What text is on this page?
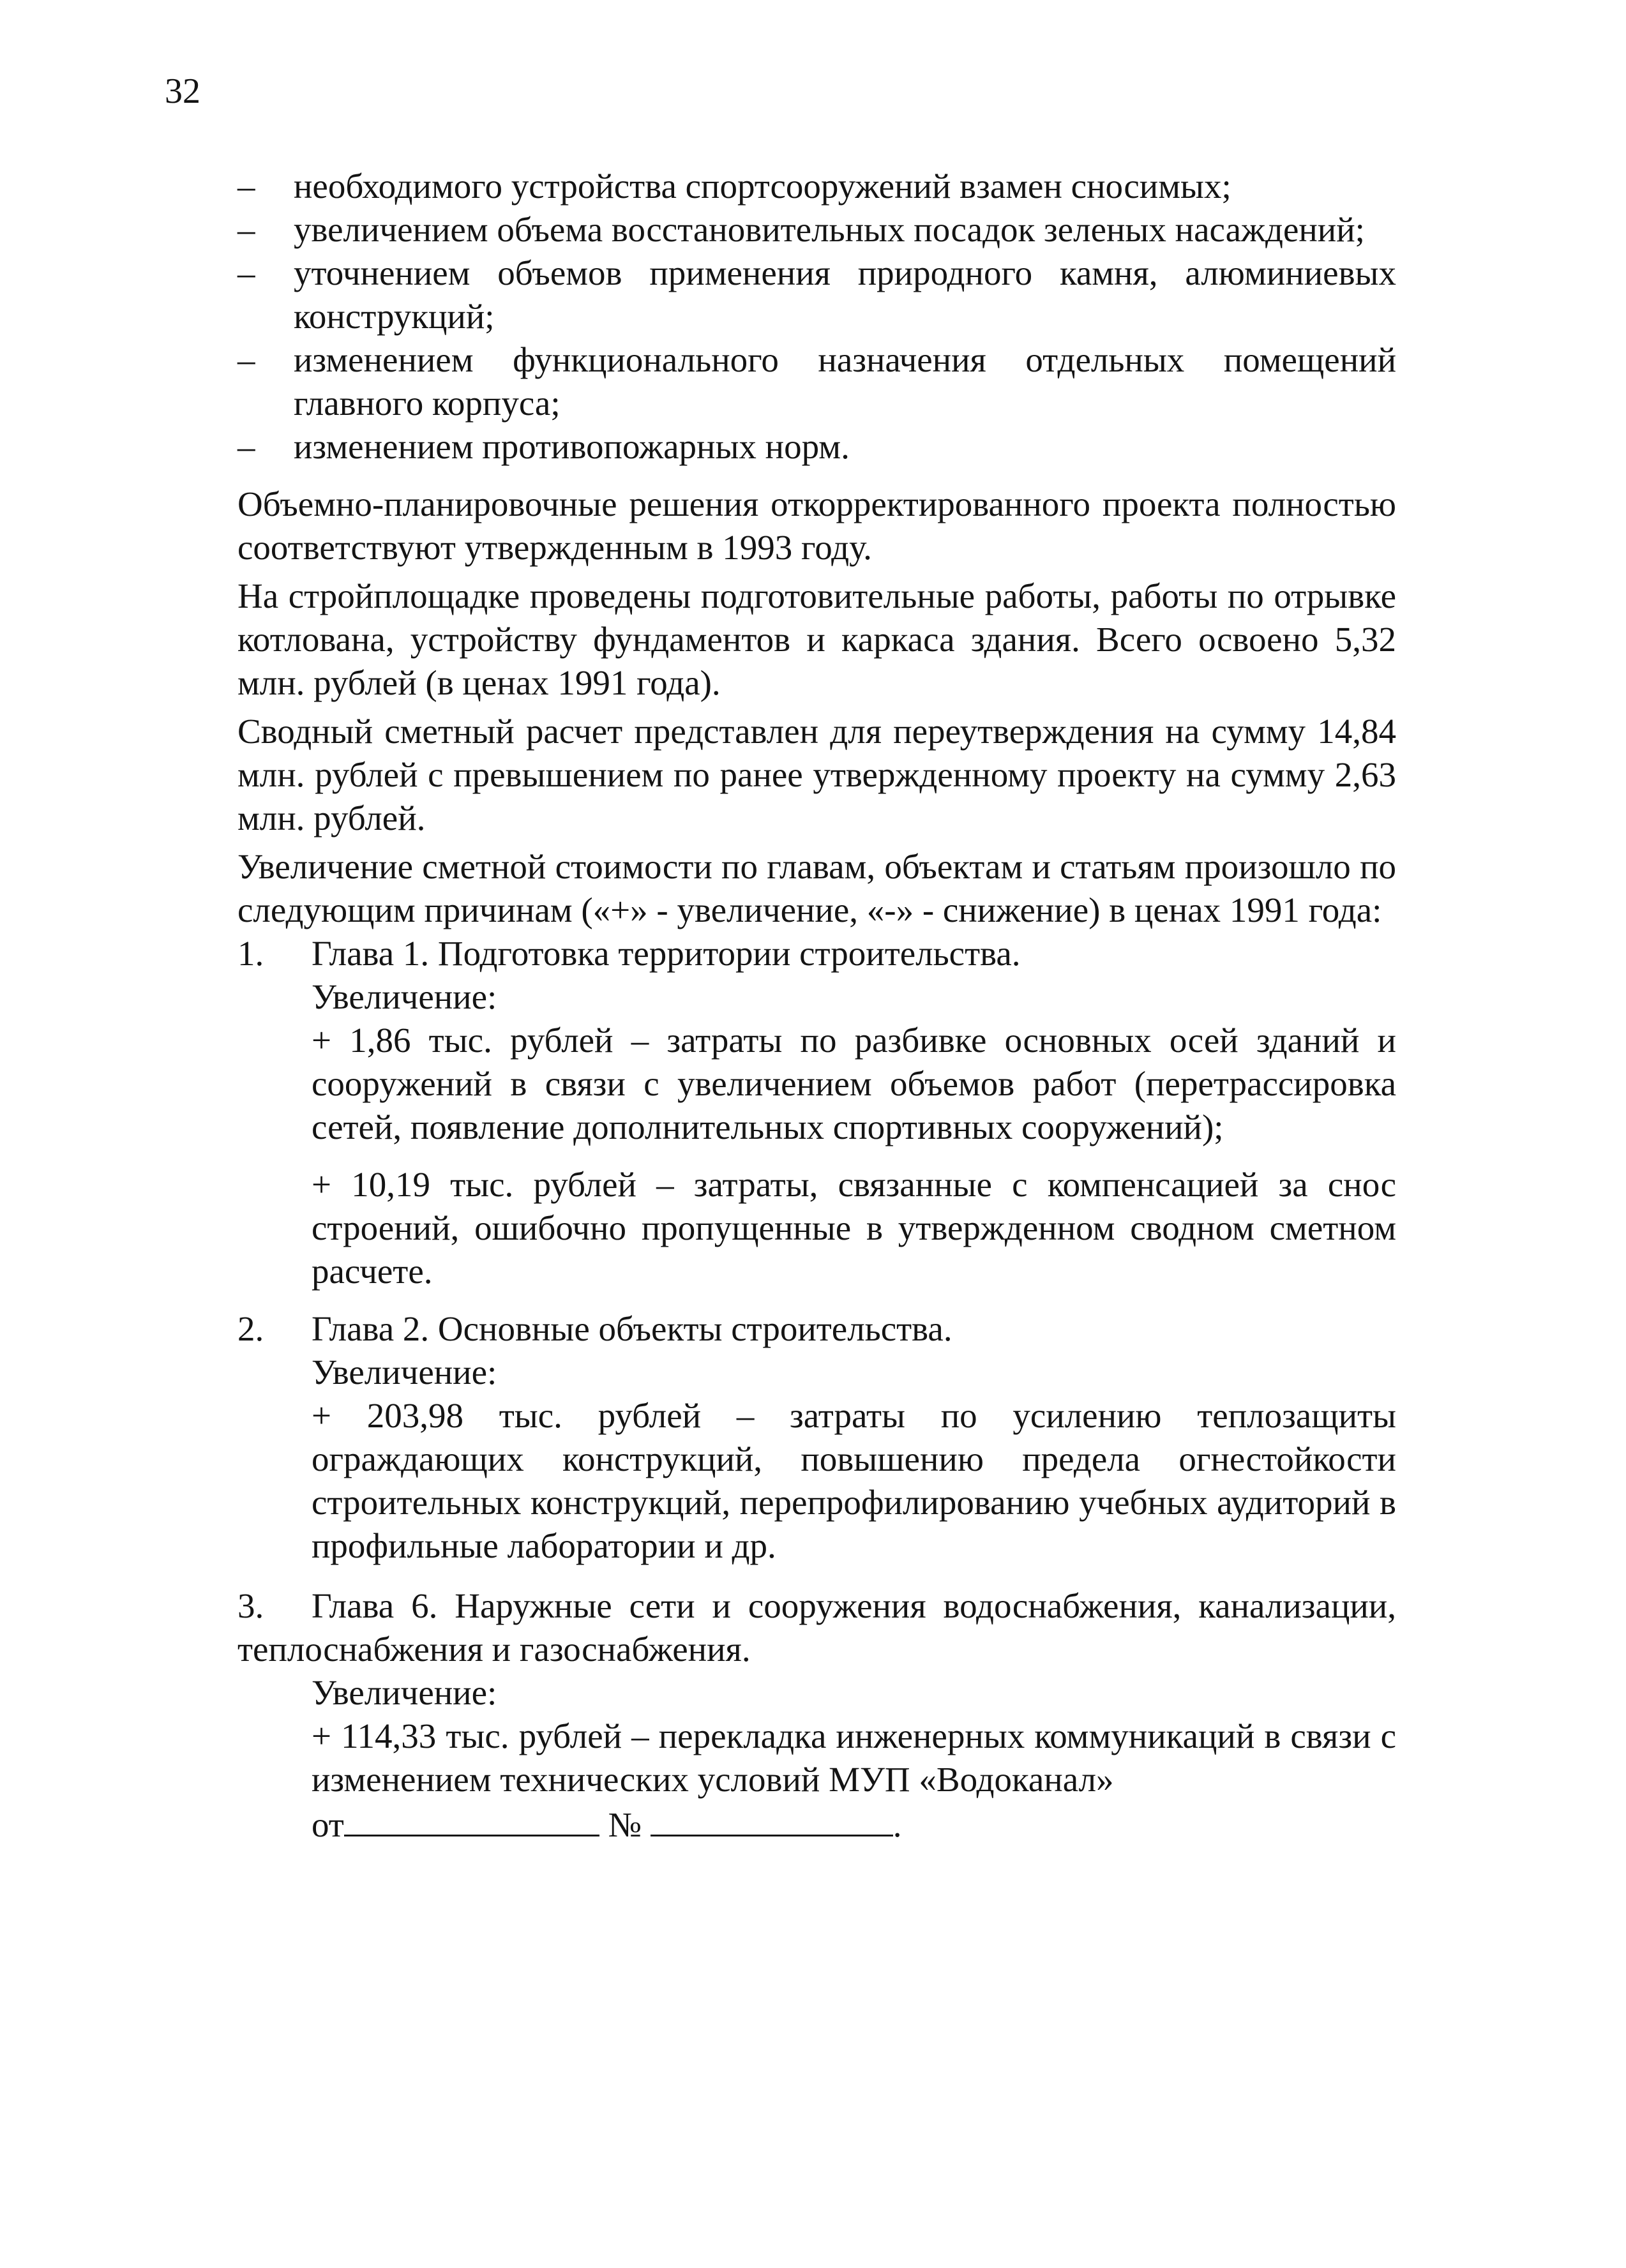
32
– необходимого устройства спортсооружений взамен сносимых;
– увеличением объема восстановительных посадок зеленых насаждений;
– уточнением объемов применения природного камня, алюминиевых конструкций;
– изменением функционального назначения отдельных помещений главного корпуса;
– изменением противопожарных норм.

Объемно-планировочные решения откорректированного проекта полностью соответствуют утвержденным в 1993 году.

На стройплощадке проведены подготовительные работы, работы по отрывке котлована, устройству фундаментов и каркаса здания. Всего освоено 5,32 млн. рублей (в ценах 1991 года).

Сводный сметный расчет представлен для переутверждения на сумму 14,84 млн. рублей с превышением по ранее утвержденному проекту на сумму 2,63 млн. рублей.

Увеличение сметной стоимости по главам, объектам и статьям произошло по следующим причинам («+» - увеличение, «-» - снижение) в ценах 1991 года:

1. Глава 1. Подготовка территории строительства.
Увеличение:
+ 1,86 тыс. рублей – затраты по разбивке основных осей зданий и сооружений в связи с увеличением объемов работ (перетрассировка сетей, появление дополнительных спортивных сооружений);
+ 10,19 тыс. рублей – затраты, связанные с компенсацией за снос строений, ошибочно пропущенные в утвержденном сводном сметном расчете.
2. Глава 2. Основные объекты строительства.
Увеличение:
+ 203,98 тыс. рублей – затраты по усилению теплозащиты ограждающих конструкций, повышению предела огнестойкости строительных конструкций, перепрофилированию учебных аудиторий в профильные лаборатории и др.
3. Глава 6. Наружные сети и сооружения водоснабжения, канализации, теплоснабжения и газоснабжения.
Увеличение:
+ 114,33 тыс. рублей – перекладка инженерных коммуникаций в связи с изменением технических условий МУП «Водоканал»
от	№	.
